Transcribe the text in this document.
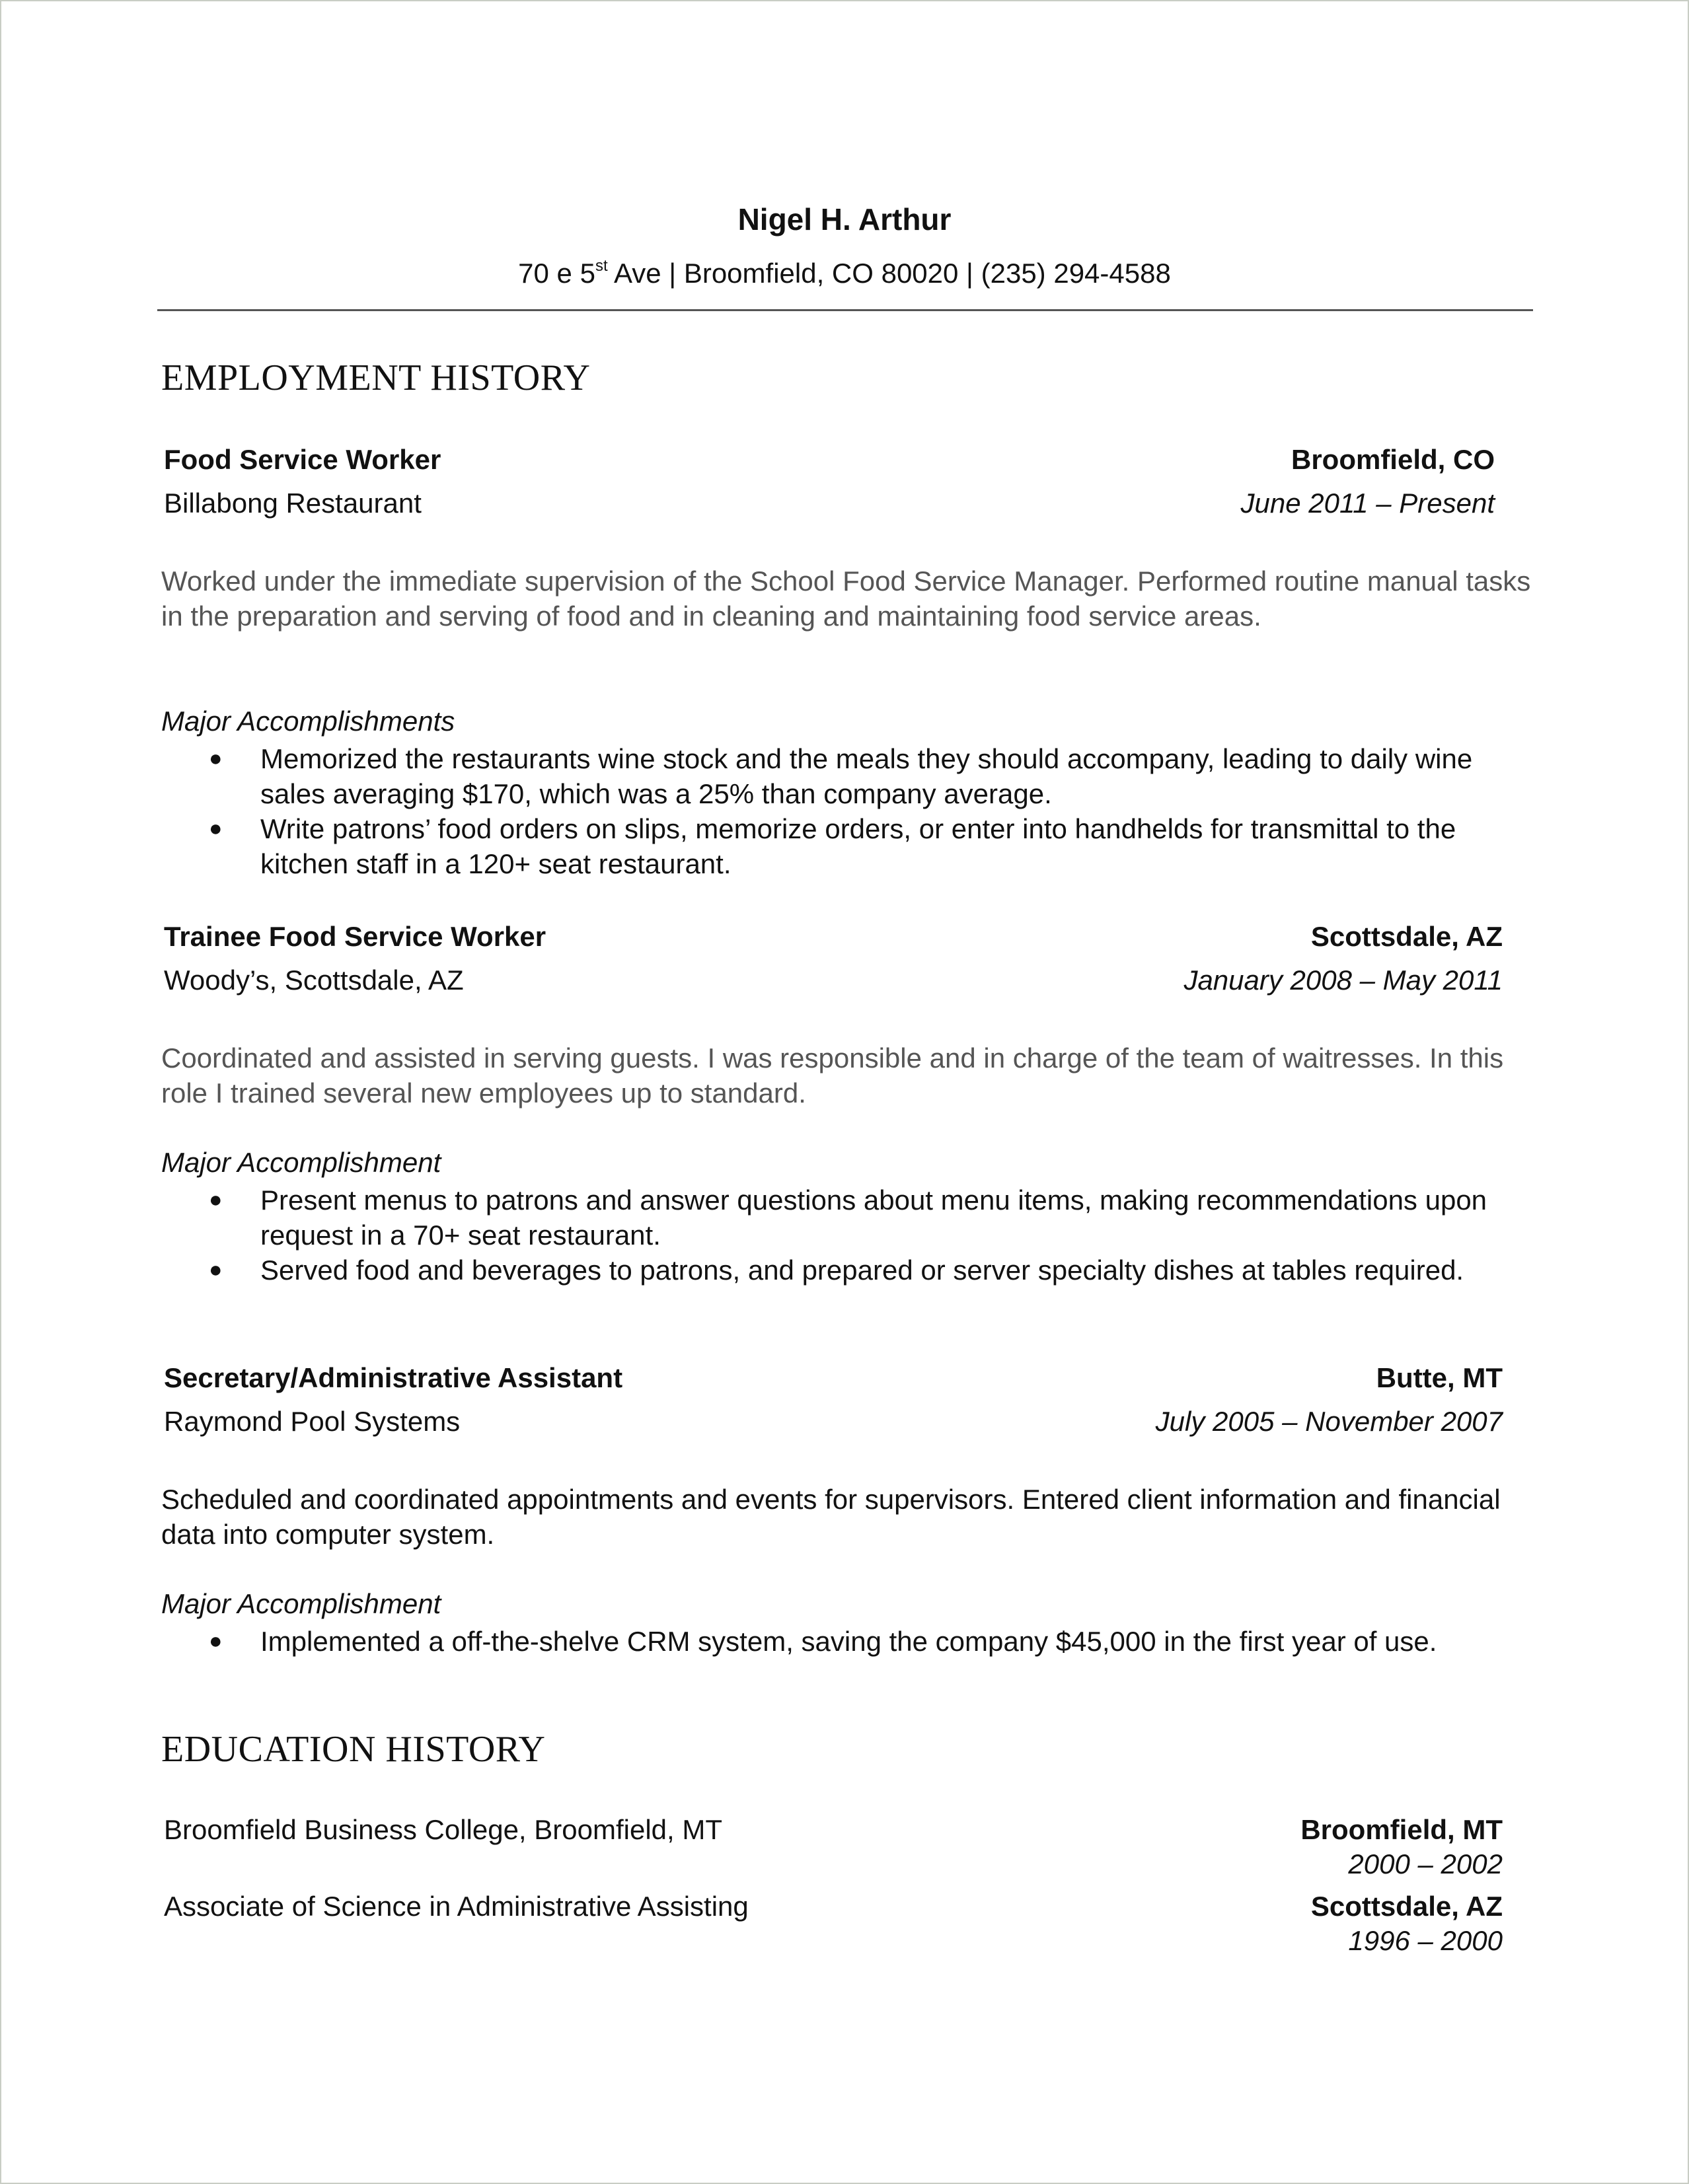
Nigel H. Arthur
70 e 5st Ave | Broomfield, CO 80020 | (235) 294-4588
EMPLOYMENT HISTORY
Food Service Worker	Broomfield, CO
Billabong Restaurant	June 2011 – Present
Worked under the immediate supervision of the School Food Service Manager. Performed routine manual tasks in the preparation and serving of food and in cleaning and maintaining food service areas.
Major Accomplishments
● Memorized the restaurants wine stock and the meals they should accompany, leading to daily wine sales averaging $170, which was a 25% than company average.
● Write patrons’ food orders on slips, memorize orders, or enter into handhelds for transmittal to the kitchen staff in a 120+ seat restaurant.
Trainee Food Service Worker	Scottsdale, AZ
Woody’s, Scottsdale, AZ	January 2008 – May 2011
Coordinated and assisted in serving guests. I was responsible and in charge of the team of waitresses. In this role I trained several new employees up to standard.
Major Accomplishment
● Present menus to patrons and answer questions about menu items, making recommendations upon request in a 70+ seat restaurant.
● Served food and beverages to patrons, and prepared or server specialty dishes at tables required.
Secretary/Administrative Assistant	Butte, MT
Raymond Pool Systems	July 2005 – November 2007
Scheduled and coordinated appointments and events for supervisors. Entered client information and financial data into computer system.
Major Accomplishment
● Implemented a off-the-shelve CRM system, saving the company $45,000 in the first year of use.
EDUCATION HISTORY
Broomfield Business College, Broomfield, MT	Broomfield, MT
2000 – 2002
Associate of Science in Administrative Assisting	Scottsdale, AZ
1996 – 2000
